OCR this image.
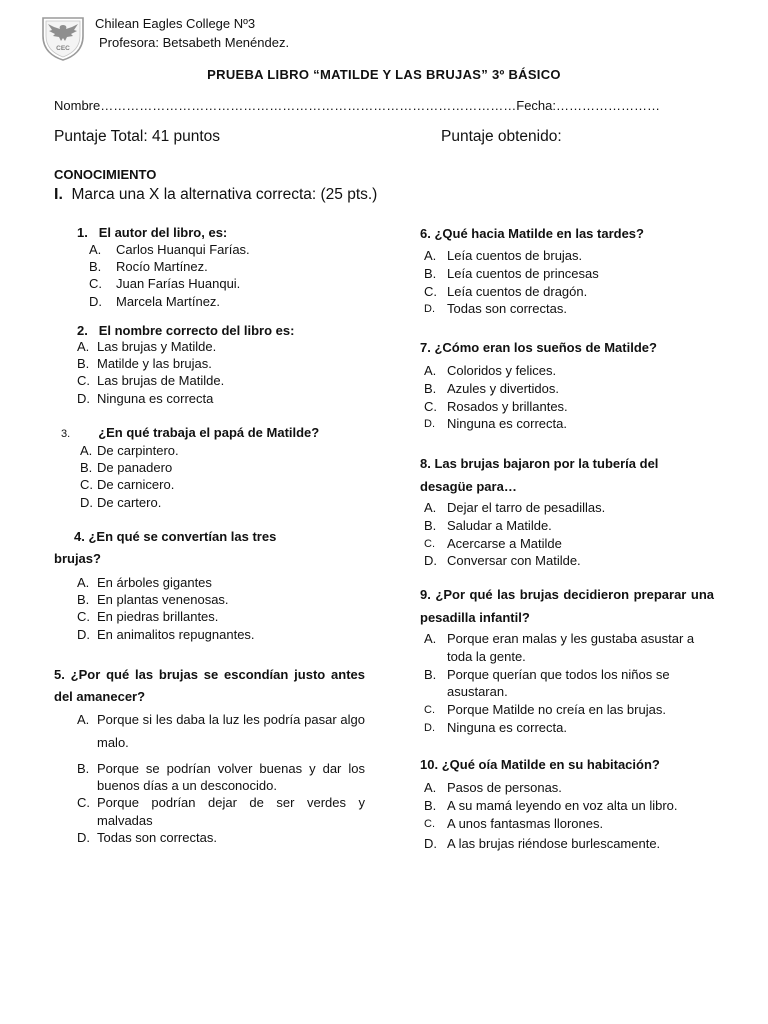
CEC
Chilean Eagles College Nº3
Profesora: Betsabeth Menéndez.
PRUEBA LIBRO “MATILDE Y LAS BRUJAS” 3º BÁSICO
Nombre……………………………………………………………………………………Fecha:……………………
Puntaje Total: 41 puntos	Puntaje obtenido:
CONOCIMIENTO
I. Marca una X la alternativa correcta: (25 pts.)
1. El autor del libro, es:
A. Carlos Huanqui Farías.
B. Rocío Martínez.
C. Juan Farías Huanqui.
D. Marcela Martínez.
2. El nombre correcto del libro es:
A. Las brujas y Matilde.
B. Matilde y las brujas.
C. Las brujas de Matilde.
D. Ninguna es correcta
3. ¿En qué trabaja el papá de Matilde?
A. De carpintero.
B. De panadero
C. De carnicero.
D. De cartero.
4. ¿En qué se convertían las tres brujas?
A. En árboles gigantes
B. En plantas venenosas.
C. En piedras brillantes.
D. En animalitos repugnantes.
5. ¿Por qué las brujas se escondían justo antes del amanecer?
A. Porque si les daba la luz les podría pasar algo malo.
B. Porque se podrían volver buenas y dar los buenos días a un desconocido.
C. Porque podrían dejar de ser verdes y malvadas
D. Todas son correctas.
6. ¿Qué hacia Matilde en las tardes?
A. Leía cuentos de brujas.
B. Leía cuentos de princesas
C. Leía cuentos de dragón.
D. Todas son correctas.
7. ¿Cómo eran los sueños de Matilde?
A. Coloridos y felices.
B. Azules y divertidos.
C. Rosados y brillantes.
D. Ninguna es correcta.
8. Las brujas bajaron por la tubería del desagüe para…
A. Dejar el tarro de pesadillas.
B. Saludar a Matilde.
C. Acercarse a Matilde
D. Conversar con Matilde.
9. ¿Por qué las brujas decidieron preparar una pesadilla infantil?
A. Porque eran malas y les gustaba asustar a toda la gente.
B. Porque querían que todos los niños se asustaran.
C. Porque Matilde no creía en las brujas.
D. Ninguna es correcta.
10. ¿Qué oía Matilde en su habitación?
A. Pasos de personas.
B. A su mamá leyendo en voz alta un libro.
C. A unos fantasmas llorones.
D. A las brujas riéndose burlescamente.
